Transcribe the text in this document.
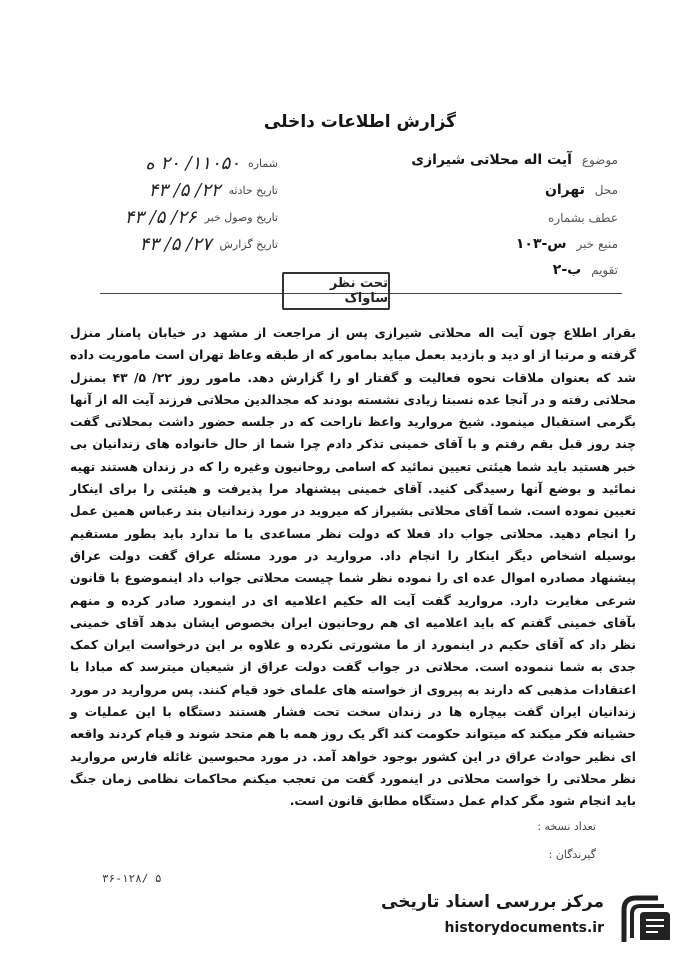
گزارش اطلاعات داخلی
موضوع آیت اله محلاتی شیرازی
محل تهران
عطف بشماره
منبع خبر س-۱۰۳
تقویم ب-۲
شماره
۱۱۰۵۰/ ۲۰ ه
تاریخ حادثه
۲۲/ ۵/ ۴۳
تاریخ وصول خبر
۲۶/ ۵/ ۴۳
تاریخ گزارش
۲۷/ ۵/ ۴۳
تحت نظر ساواک

بقرار اطلاع چون آیت اله محلاتی شیرازی پس از مراجعت از مشهد در خیابان پامنار منزل گرفته و مرتبا از او دید و بازدید بعمل میاید بمامور که از طبقه وعاظ تهران است ماموریت داده شد که بعنوان ملاقات نحوه فعالیت و گفتار او را گزارش دهد. مامور روز ۲۲/ ۵/ ۴۳ بمنزل محلاتی رفته و در آنجا عده نسبتا زیادی نشسته بودند که مجدالدین محلاتی فرزند آیت اله از آنها بگرمی استقبال مینمود. شیخ مروارید واعظ ناراحت که در جلسه حضور داشت بمحلاتی گفت چند روز قبل بقم رفتم و با آقای خمینی تذکر دادم چرا شما از حال خانواده های زندانیان بی خبر هستید باید شما هیئتی تعیین نمائید که اسامی روحانیون وغیره را که در زندان هستند تهیه نمائید و بوضع آنها رسیدگی کنید. آقای خمینی پیشنهاد مرا پذیرفت و هیئتی را برای اینکار تعیین نموده است. شما آقای محلاتی بشیراز که میروید در مورد زندانیان بند رعباس همین عمل را انجام دهید. محلاتی جواب داد فعلا که دولت نظر مساعدی با ما ندارد باید بطور مستقیم بوسیله اشخاص دیگر اینکار را انجام داد. مروارید در مورد مسئله عراق گفت دولت عراق پیشنهاد مصادره اموال عده ای را نموده نظر شما چیست محلاتی جواب داد اینموضوع با قانون شرعی مغایرت دارد. مروارید گفت آیت اله حکیم اعلامیه ای در اینمورد صادر کرده و منهم بآقای خمینی گفتم که باید اعلامیه ای هم روحانیون ایران بخصوص ایشان بدهد آقای خمینی نظر داد که آقای حکیم در اینمورد از ما مشورتی نکرده و علاوه بر این درخواست ایران کمک جدی به شما ننموده است. محلاتی در جواب گفت دولت عراق از شیعیان میترسد که مبادا با اعتقادات مذهبی که دارند به پیروی از خواسته های علمای خود قیام کنند. پس مروارید در مورد زندانیان ایران گفت بیچاره ها در زندان سخت تحت فشار هستند دستگاه با این عملیات و حشیانه فکر میکند که میتواند حکومت کند اگر یک روز همه با هم متحد شوند و قیام کردند واقعه ای نظیر حوادث عراق در این کشور بوجود خواهد آمد. در مورد محبوسین غائله فارس مروارید نظر محلاتی را خواست محلاتی در اینمورد گفت من تعجب میکنم محاکمات نظامی زمان جنگ باید انجام شود مگر کدام عمل دستگاه مطابق قانون است.

تعداد نسخه :
گیرندگان :
۳۶-۱۲۸/ ۵
مرکز بررسی اسناد تاریخی
historydocuments.ir
